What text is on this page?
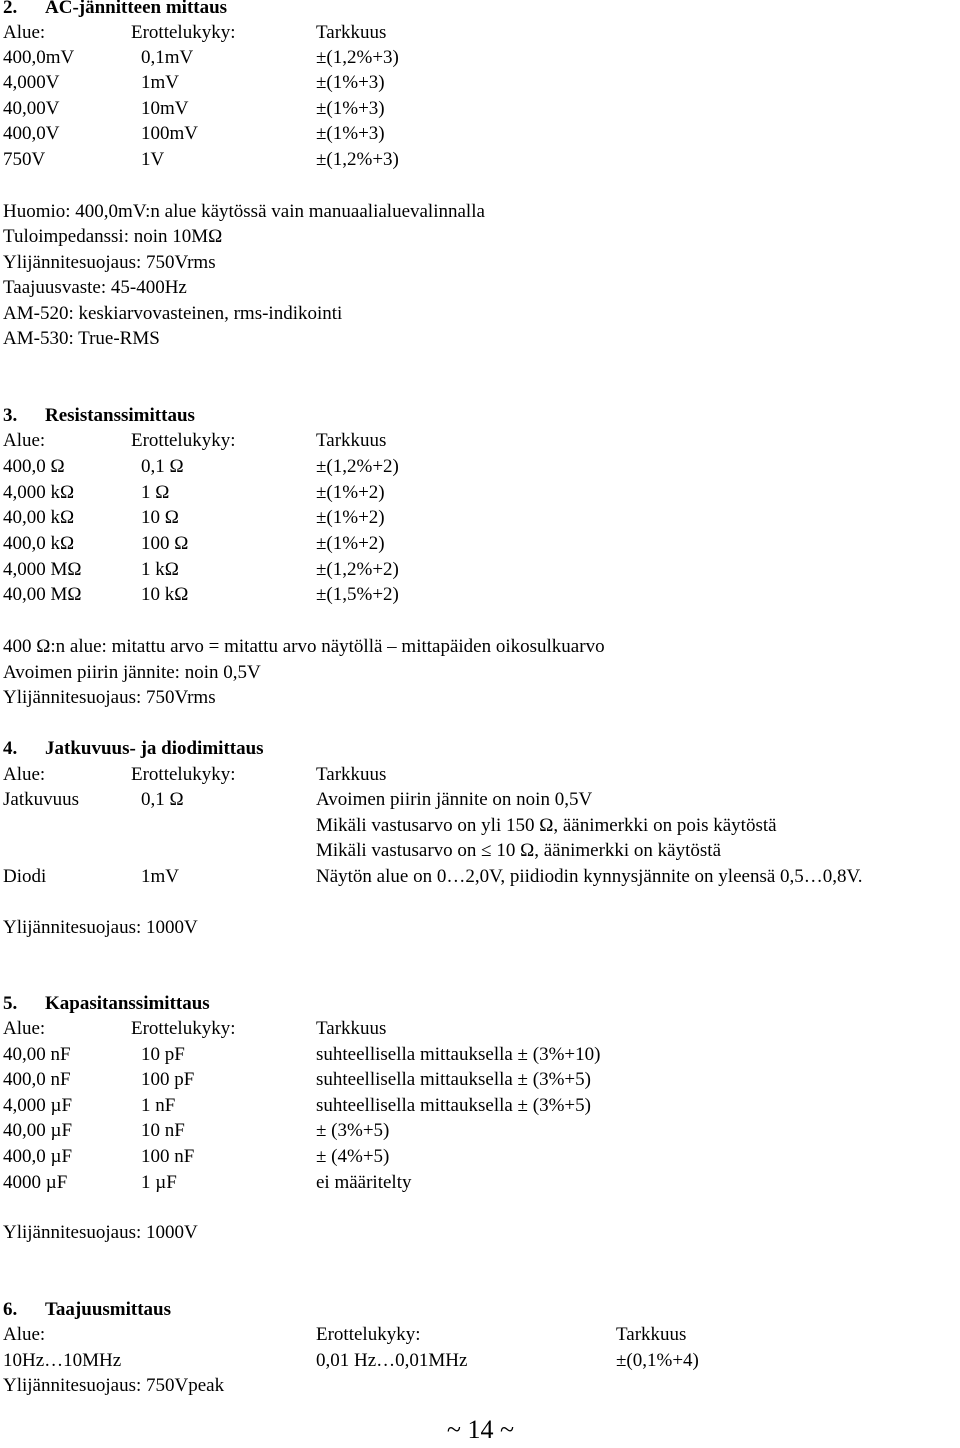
2. AC-jännitteen mittaus
Alue:	Erottelukyky:	Tarkkuus
400,0mV	0,1mV	±(1,2%+3)
4,000V	1mV	±(1%+3)
40,00V	10mV	±(1%+3)
400,0V	100mV	±(1%+3)
750V	1V	±(1,2%+3)
Huomio: 400,0mV:n alue käytössä vain manuaalialuevalinnalla
Tuloimpedanssi: noin 10MΩ
Ylijännitesuojaus: 750Vrms
Taajuusvaste: 45-400Hz
AM-520: keskiarvovasteinen, rms-indikointi
AM-530: True-RMS
3. Resistanssimittaus
Alue:	Erottelukyky:	Tarkkuus
400,0 Ω	0,1 Ω	±(1,2%+2)
4,000 kΩ	1 Ω	±(1%+2)
40,00 kΩ	10 Ω	±(1%+2)
400,0 kΩ	100 Ω	±(1%+2)
4,000 MΩ	1 kΩ	±(1,2%+2)
40,00 MΩ	10 kΩ	±(1,5%+2)
400 Ω:n alue: mitattu arvo = mitattu arvo näytöllä – mittapäiden oikosulkuarvo
Avoimen piirin jännite: noin 0,5V
Ylijännitesuojaus: 750Vrms
4. Jatkuvuus- ja diodimittaus
Alue:	Erottelukyky:	Tarkkuus
Jatkuvuus	0,1 Ω	Avoimen piirin jännite on noin 0,5V
Mikäli vastusarvo on yli 150 Ω, äänimerkki on pois käytöstä
Mikäli vastusarvo on ≤ 10 Ω, äänimerkki on käytöstä
Diodi	1mV	Näytön alue on 0…2,0V, piidiodin kynnysjännite on yleensä 0,5…0,8V.
Ylijännitesuojaus: 1000V
5. Kapasitanssimittaus
Alue:	Erottelukyky:	Tarkkuus
40,00 nF	10 pF	suhteellisella mittauksella ± (3%+10)
400,0 nF	100 pF	suhteellisella mittauksella ± (3%+5)
4,000 µF	1 nF	suhteellisella mittauksella ± (3%+5)
40,00 µF	10 nF	± (3%+5)
400,0 µF	100 nF	± (4%+5)
4000 µF	1 µF	ei määritelty
Ylijännitesuojaus: 1000V
6. Taajuusmittaus
Alue:	Erottelukyky:	Tarkkuus
10Hz…10MHz	0,01 Hz…0,01MHz	±(0,1%+4)
Ylijännitesuojaus: 750Vpeak
~ 14 ~
